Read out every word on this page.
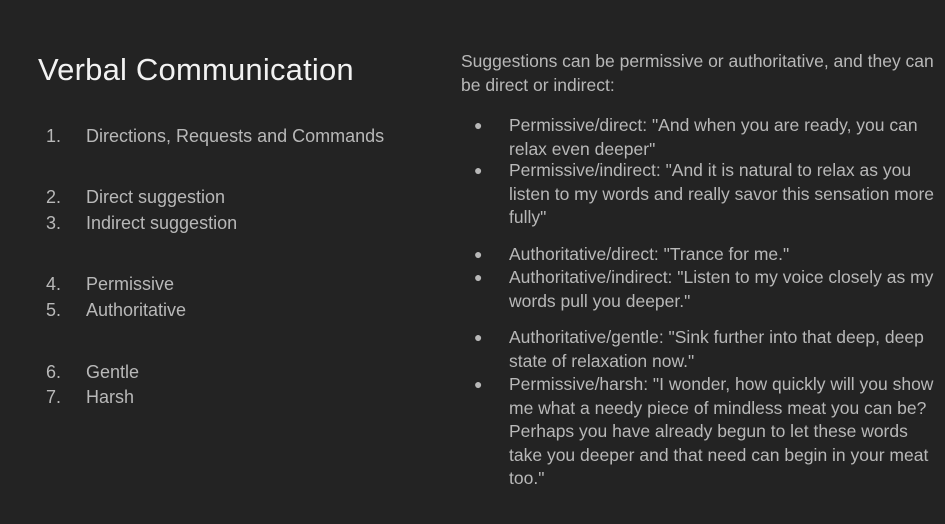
Verbal Communication
1. Directions, Requests and Commands
2. Direct suggestion
3. Indirect suggestion
4. Permissive
5. Authoritative
6. Gentle
7. Harsh
Suggestions can be permissive or authoritative, and they can be direct or indirect:
● Permissive/direct: "And when you are ready, you can relax even deeper"
● Permissive/indirect: "And it is natural to relax as you listen to my words and really savor this sensation more fully"
● Authoritative/direct: "Trance for me."
● Authoritative/indirect: "Listen to my voice closely as my words pull you deeper."
● Authoritative/gentle: "Sink further into that deep, deep state of relaxation now."
● Permissive/harsh: "I wonder, how quickly will you show me what a needy piece of mindless meat you can be? Perhaps you have already begun to let these words take you deeper and that need can begin in your meat too."
